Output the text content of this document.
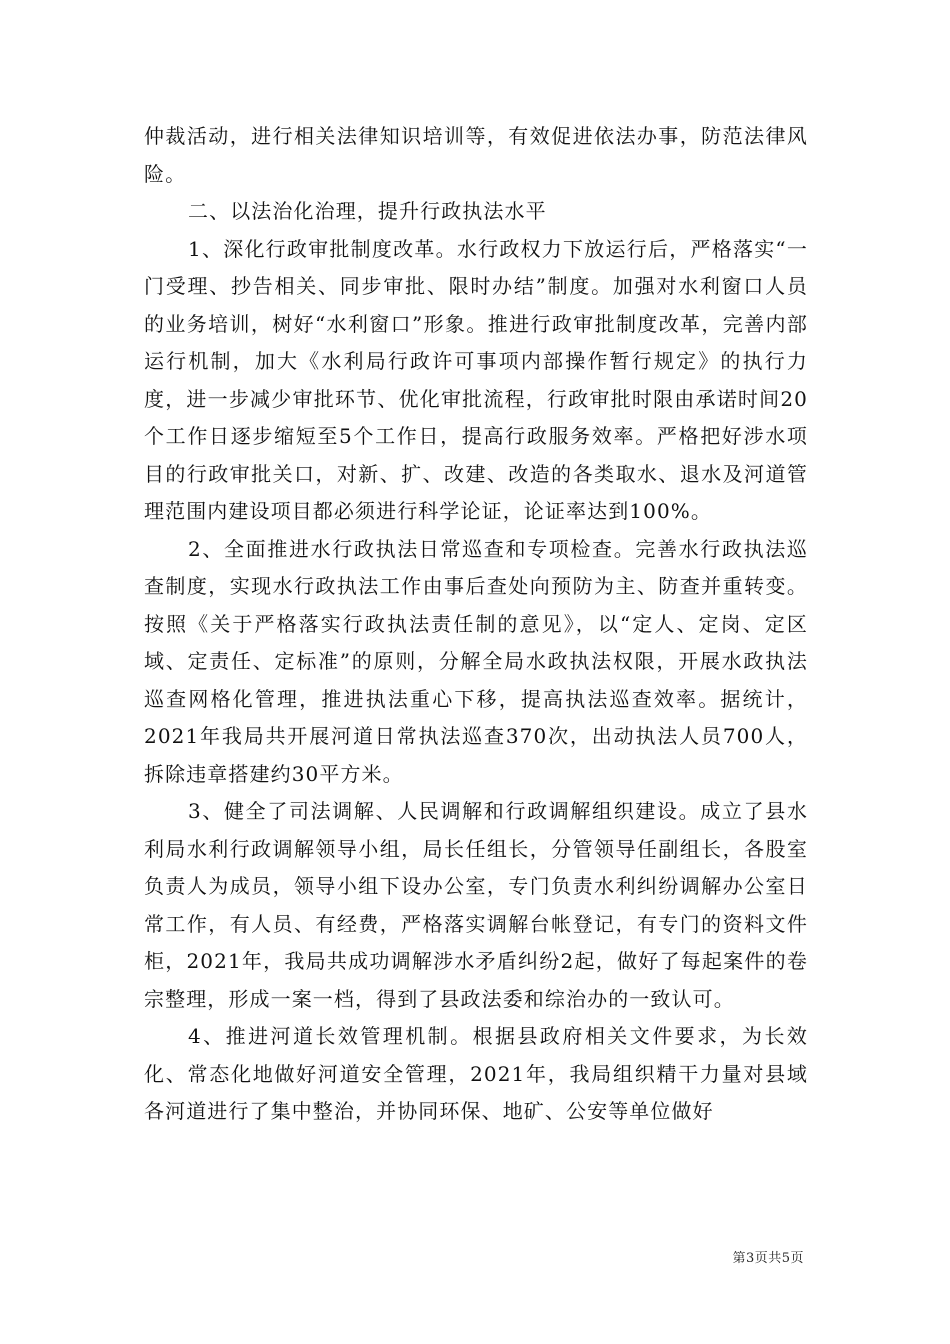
仲裁活动，进行相关法律知识培训等，有效促进依法办事，防范法律风险。

二、以法治化治理，提升行政执法水平

1、深化行政审批制度改革。水行政权力下放运行后，严格落实“一门受理、抄告相关、同步审批、限时办结”制度。加强对水利窗口人员的业务培训，树好“水利窗口”形象。推进行政审批制度改革，完善内部运行机制，加大《水利局行政许可事项内部操作暂行规定》的执行力度，进一步减少审批环节、优化审批流程，行政审批时限由承诺时间20个工作日逐步缩短至5个工作日，提高行政服务效率。严格把好涉水项目的行政审批关口，对新、扩、改建、改造的各类取水、退水及河道管理范围内建设项目都必须进行科学论证，论证率达到100%。

2、全面推进水行政执法日常巡查和专项检查。完善水行政执法巡查制度，实现水行政执法工作由事后查处向预防为主、防查并重转变。按照《关于严格落实行政执法责任制的意见》，以“定人、定岗、定区域、定责任、定标准”的原则，分解全局水政执法权限，开展水政执法巡查网格化管理，推进执法重心下移，提高执法巡查效率。据统计，2021年我局共开展河道日常执法巡查370次，出动执法人员700人，拆除违章搭建约30平方米。

3、健全了司法调解、人民调解和行政调解组织建设。成立了县水利局水利行政调解领导小组，局长任组长，分管领导任副组长，各股室负责人为成员，领导小组下设办公室，专门负责水利纠纷调解办公室日常工作，有人员、有经费，严格落实调解台帐登记，有专门的资料文件柜，2021年，我局共成功调解涉水矛盾纠纷2起，做好了每起案件的卷宗整理，形成一案一档，得到了县政法委和综治办的一致认可。

4、推进河道长效管理机制。根据县政府相关文件要求，为长效化、常态化地做好河道安全管理，2021年，我局组织精干力量对县域各河道进行了集中整治，并协同环保、地矿、公安等单位做好

第3页共5页
